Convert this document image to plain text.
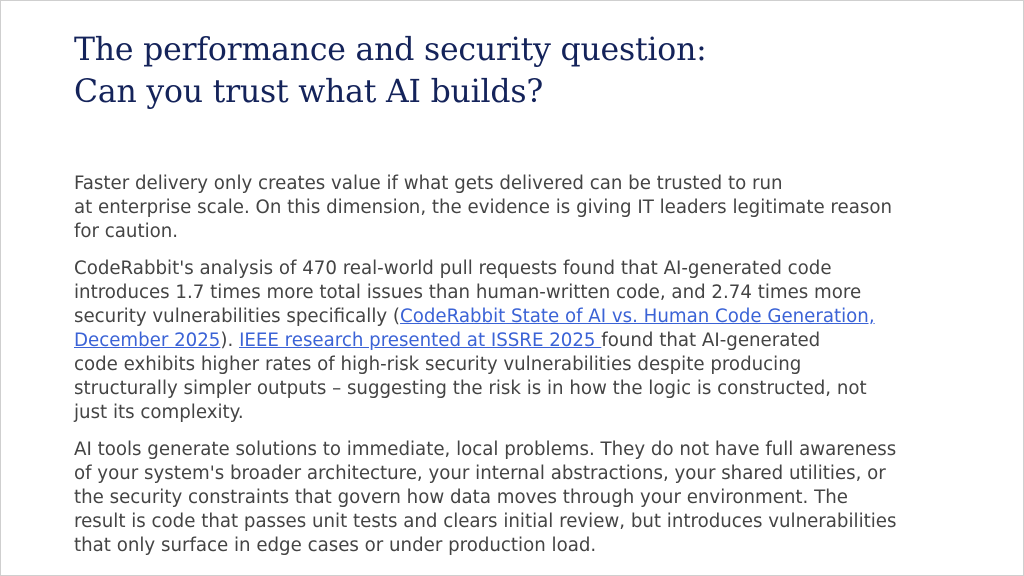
The performance and security question:
Can you trust what AI builds?

Faster delivery only creates value if what gets delivered can be trusted to run
at enterprise scale. On this dimension, the evidence is giving IT leaders legitimate reason
for caution.

CodeRabbit's analysis of 470 real-world pull requests found that AI-generated code
introduces 1.7 times more total issues than human-written code, and 2.74 times more
security vulnerabilities specifically (CodeRabbit State of AI vs. Human Code Generation,
December 2025). IEEE research presented at ISSRE 2025 found that AI-generated
code exhibits higher rates of high-risk security vulnerabilities despite producing
structurally simpler outputs – suggesting the risk is in how the logic is constructed, not
just its complexity.

AI tools generate solutions to immediate, local problems. They do not have full awareness
of your system's broader architecture, your internal abstractions, your shared utilities, or
the security constraints that govern how data moves through your environment. The
result is code that passes unit tests and clears initial review, but introduces vulnerabilities
that only surface in edge cases or under production load.
